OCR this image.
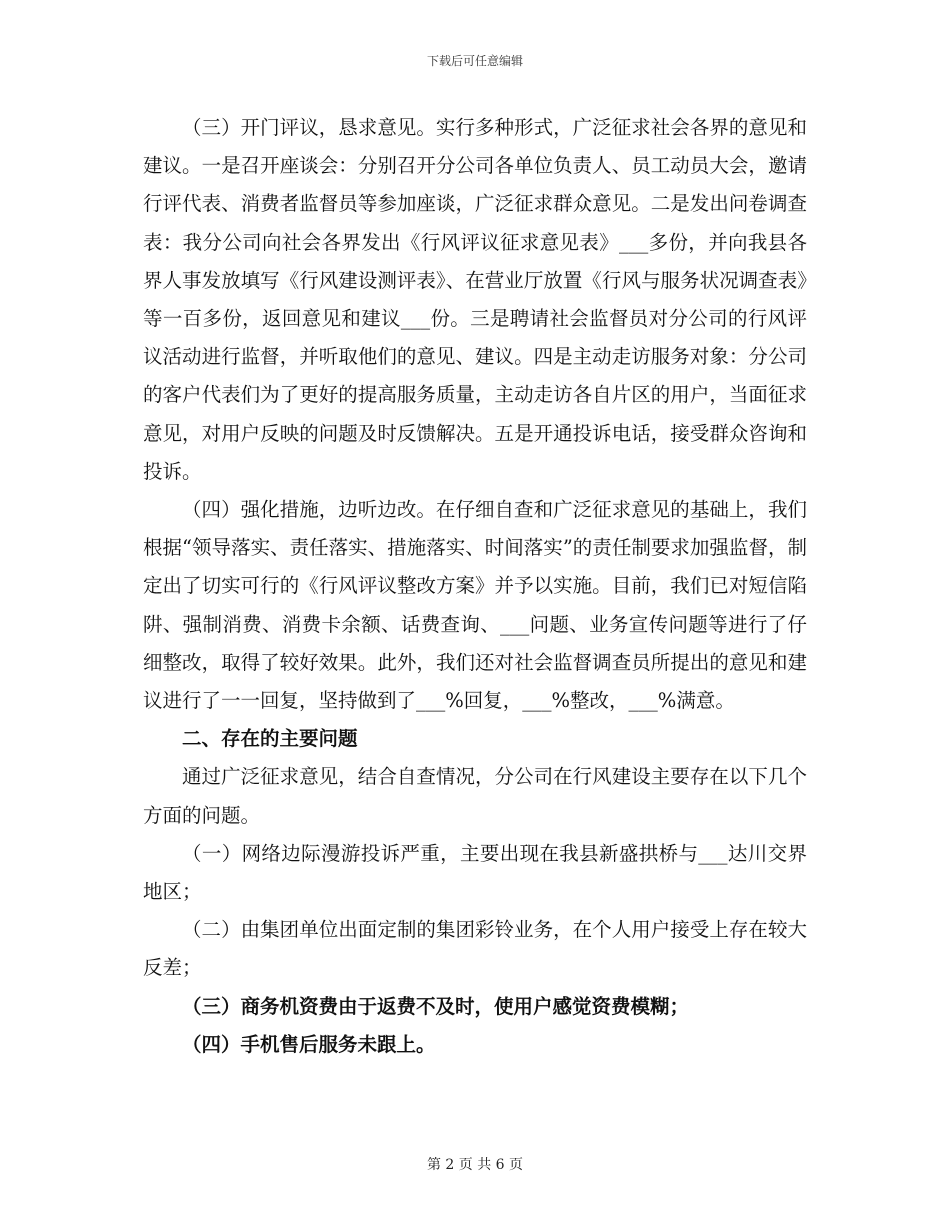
下载后可任意编辑

（三）开门评议，恳求意见。实行多种形式，广泛征求社会各界的意见和建议。一是召开座谈会：分别召开分公司各单位负责人、员工动员大会，邀请行评代表、消费者监督员等参加座谈，广泛征求群众意见。二是发出问卷调查表：我分公司向社会各界发出《行风评议征求意见表》___多份，并向我县各界人事发放填写《行风建设测评表》、在营业厅放置《行风与服务状况调查表》等一百多份，返回意见和建议___份。三是聘请社会监督员对分公司的行风评议活动进行监督，并听取他们的意见、建议。四是主动走访服务对象：分公司的客户代表们为了更好的提高服务质量，主动走访各自片区的用户，当面征求意见，对用户反映的问题及时反馈解决。五是开通投诉电话，接受群众咨询和投诉。

（四）强化措施，边听边改。在仔细自查和广泛征求意见的基础上，我们根据“领导落实、责任落实、措施落实、时间落实”的责任制要求加强监督，制定出了切实可行的《行风评议整改方案》并予以实施。目前，我们已对短信陷阱、强制消费、消费卡余额、话费查询、___问题、业务宣传问题等进行了仔细整改，取得了较好效果。此外，我们还对社会监督调查员所提出的意见和建议进行了一一回复，坚持做到了___%回复，___%整改，___%满意。

二、存在的主要问题

通过广泛征求意见，结合自查情况，分公司在行风建设主要存在以下几个方面的问题。

（一）网络边际漫游投诉严重，主要出现在我县新盛拱桥与___达川交界地区；

（二）由集团单位出面定制的集团彩铃业务，在个人用户接受上存在较大反差；

（三）商务机资费由于返费不及时，使用户感觉资费模糊；

（四）手机售后服务未跟上。

第 2 页 共 6 页
